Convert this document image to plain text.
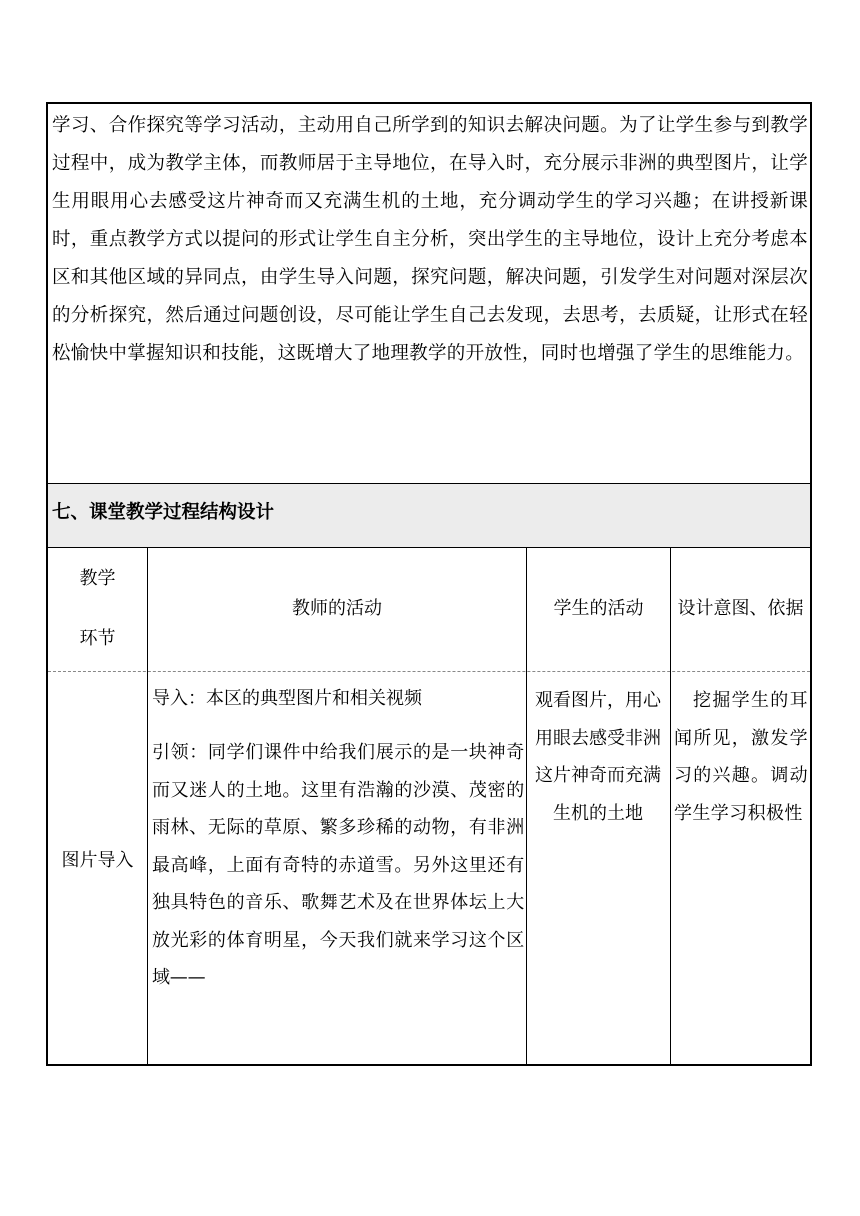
学习、合作探究等学习活动，主动用自己所学到的知识去解决问题。为了让学生参与到教学过程中，成为教学主体，而教师居于主导地位，在导入时，充分展示非洲的典型图片，让学生用眼用心去感受这片神奇而又充满生机的土地，充分调动学生的学习兴趣；在讲授新课时，重点教学方式以提问的形式让学生自主分析，突出学生的主导地位，设计上充分考虑本区和其他区域的异同点，由学生导入问题，探究问题，解决问题，引发学生对问题对深层次的分析探究，然后通过问题创设，尽可能让学生自己去发现，去思考，去质疑，让形式在轻松愉快中掌握知识和技能，这既增大了地理教学的开放性，同时也增强了学生的思维能力。

七、课堂教学过程结构设计
教学
环节
教师的活动	学生的活动	设计意图、依据
图片导入
导入：本区的典型图片和相关视频

引领：同学们课件中给我们展示的是一块神奇而又迷人的土地。这里有浩瀚的沙漠、茂密的雨林、无际的草原、繁多珍稀的动物，有非洲最高峰，上面有奇特的赤道雪。另外这里还有独具特色的音乐、歌舞艺术及在世界体坛上大放光彩的体育明星，今天我们就来学习这个区域——

观看图片，用心用眼去感受非洲这片神奇而充满生机的土地

挖掘学生的耳闻所见，激发学习的兴趣。调动学生学习积极性
